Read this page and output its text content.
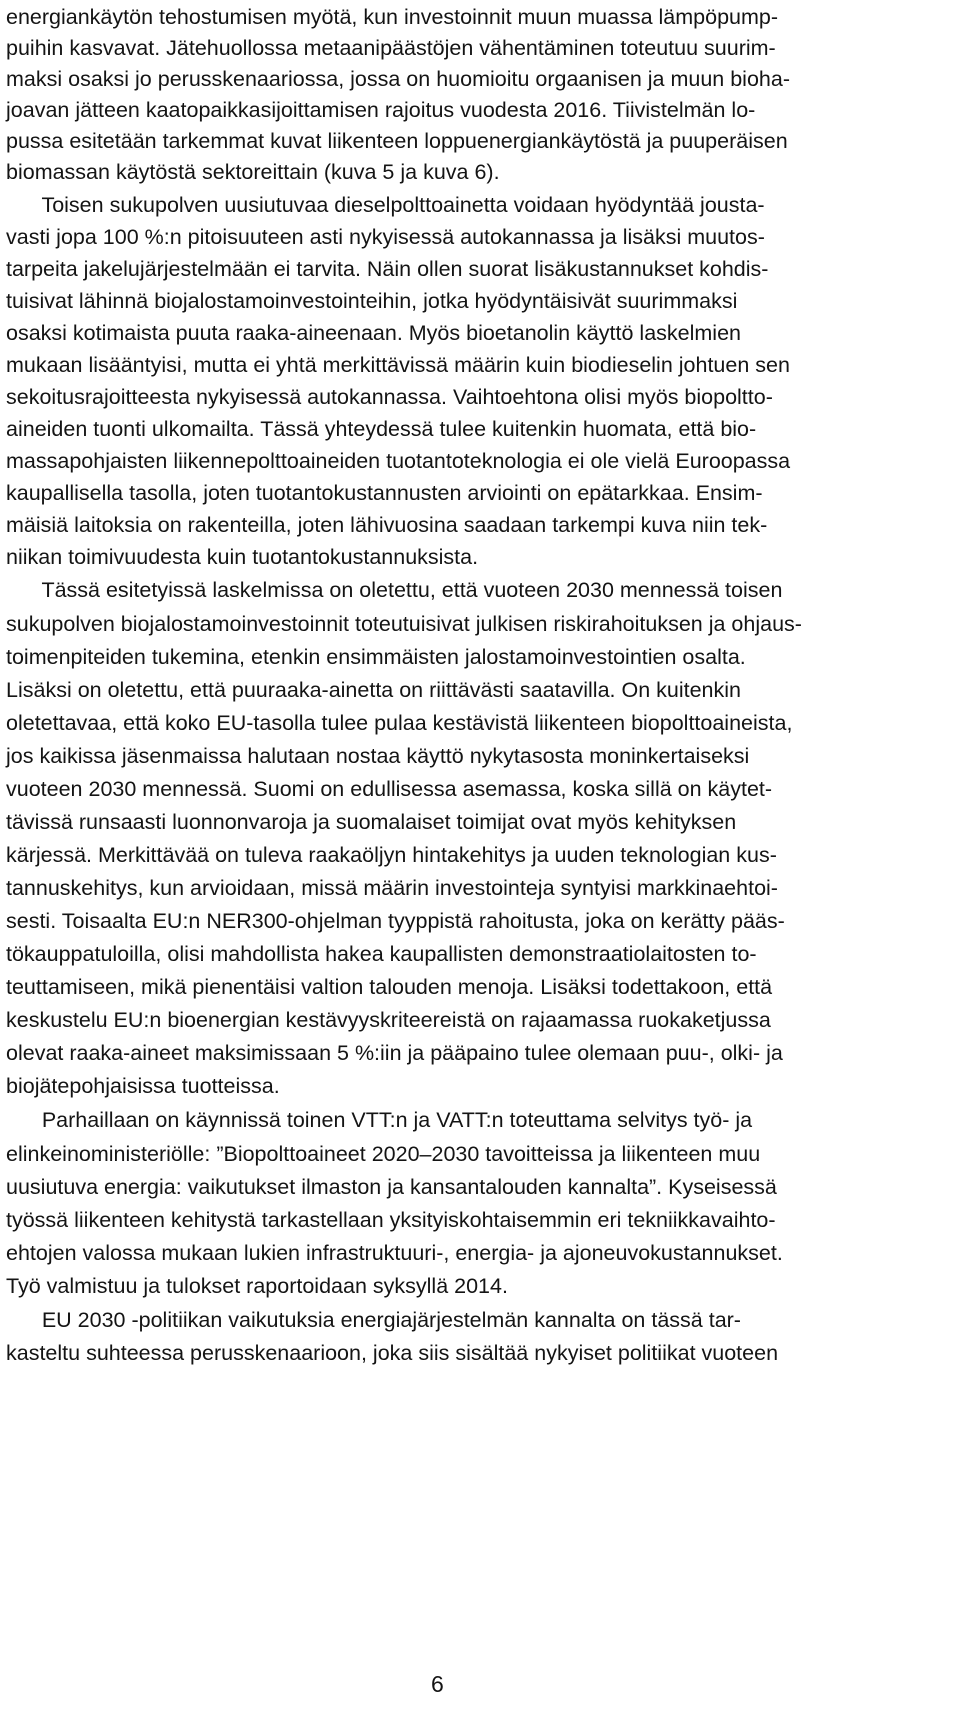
energiankäytön tehostumisen myötä, kun investoinnit muun muassa lämpöpump-
puihin kasvavat. Jätehuollossa metaanipäästöjen vähentäminen toteutuu suurim-
maksi osaksi jo perusskenaariossa, jossa on huomioitu orgaanisen ja muun bioha-
joavan jätteen kaatopaikkasijoittamisen rajoitus vuodesta 2016. Tiivistelmän lo-
pussa esitetään tarkemmat kuvat liikenteen loppuenergiankäytöstä ja puuperäisen
biomassan käytöstä sektoreittain (kuva 5 ja kuva 6).
Toisen sukupolven uusiutuvaa dieselpolttoainetta voidaan hyödyntää jousta-
vasti jopa 100 %:n pitoisuuteen asti nykyisessä autokannassa ja lisäksi muutos-
tarpeita jakelujärjestelmään ei tarvita. Näin ollen suorat lisäkustannukset kohdis-
tuisivat lähinnä biojalostamoinvestointeihin, jotka hyödyntäisivät suurimmaksi
osaksi kotimaista puuta raaka-aineenaan. Myös bioetanolin käyttö laskelmien
mukaan lisääntyisi, mutta ei yhtä merkittävissä määrin kuin biodieselin johtuen sen
sekoitusrajoitteesta nykyisessä autokannassa. Vaihtoehtona olisi myös biopoltto-
aineiden tuonti ulkomailta. Tässä yhteydessä tulee kuitenkin huomata, että bio-
massapohjaisten liikennepolttoaineiden tuotantoteknologia ei ole vielä Euroopassa
kaupallisella tasolla, joten tuotantokustannusten arviointi on epätarkkaa. Ensim-
mäisiä laitoksia on rakenteilla, joten lähivuosina saadaan tarkempi kuva niin tek-
niikan toimivuudesta kuin tuotantokustannuksista.
Tässä esitetyissä laskelmissa on oletettu, että vuoteen 2030 mennessä toisen
sukupolven biojalostamoinvestoinnit toteutuisivat julkisen riskirahoituksen ja ohjaus-
toimenpiteiden tukemina, etenkin ensimmäisten jalostamoinvestointien osalta.
Lisäksi on oletettu, että puuraaka-ainetta on riittävästi saatavilla. On kuitenkin
oletettavaa, että koko EU-tasolla tulee pulaa kestävistä liikenteen biopolttoaineista,
jos kaikissa jäsenmaissa halutaan nostaa käyttö nykytasosta moninkertaiseksi
vuoteen 2030 mennessä. Suomi on edullisessa asemassa, koska sillä on käytet-
tävissä runsaasti luonnonvaroja ja suomalaiset toimijat ovat myös kehityksen
kärjessä. Merkittävää on tuleva raakaöljyn hintakehitys ja uuden teknologian kus-
tannuskehitys, kun arvioidaan, missä määrin investointeja syntyisi markkinaehtoi-
sesti. Toisaalta EU:n NER300-ohjelman tyyppistä rahoitusta, joka on kerätty pääs-
tökauppatuloilla, olisi mahdollista hakea kaupallisten demonstraatiolaitosten to-
teuttamiseen, mikä pienentäisi valtion talouden menoja. Lisäksi todettakoon, että
keskustelu EU:n bioenergian kestävyyskriteereistä on rajaamassa ruokaketjussa
olevat raaka-aineet maksimissaan 5 %:iin ja pääpaino tulee olemaan puu-, olki- ja
biojätepohjaisissa tuotteissa.
Parhaillaan on käynnissä toinen VTT:n ja VATT:n toteuttama selvitys työ- ja
elinkeinoministeriölle: ”Biopolttoaineet 2020–2030 tavoitteissa ja liikenteen muu
uusiutuva energia: vaikutukset ilmaston ja kansantalouden kannalta”. Kyseisessä
työssä liikenteen kehitystä tarkastellaan yksityiskohtaisemmin eri tekniikkavaihto-
ehtojen valossa mukaan lukien infrastruktuuri-, energia- ja ajoneuvokustannukset.
Työ valmistuu ja tulokset raportoidaan syksyllä 2014.
EU 2030 -politiikan vaikutuksia energiajärjestelmän kannalta on tässä tar-
kasteltu suhteessa perusskenaarioon, joka siis sisältää nykyiset politiikat vuoteen
6
